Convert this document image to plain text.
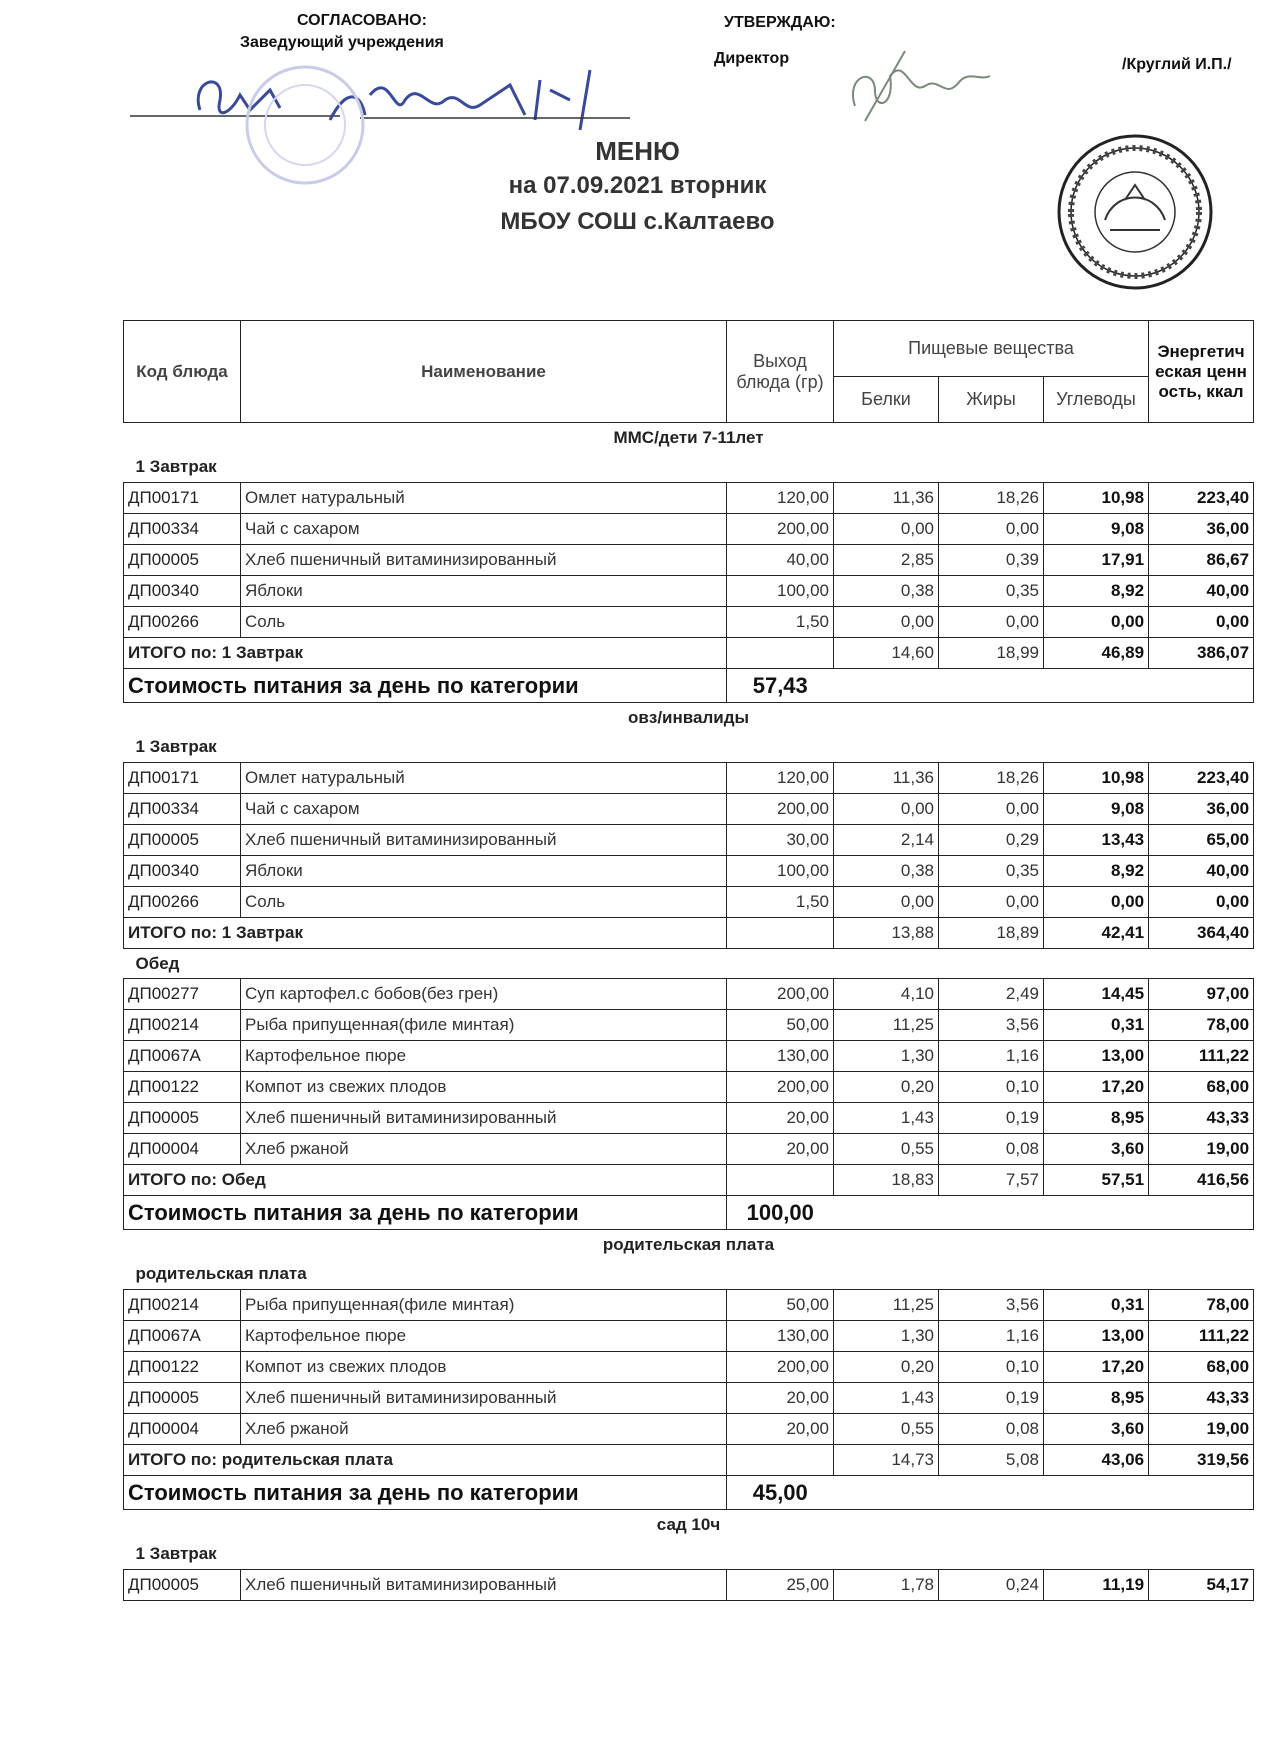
СОГЛАСОВАНО:
Заведующий учреждения
УТВЕРЖДАЮ:
Директор	/Круглий И.П./
МЕНЮ
на 07.09.2021 вторник
МБОУ СОШ с.Калтаево
Код блюда	Наименование	Выход блюда (гр)	Пищевые вещества			Энергетическая ценность, ккал
			Белки	Жиры	Углеводы	
ММС/дети 7-11лет						
1 Завтрак						
ДП00171	Омлет натуральный	120,00	11,36	18,26	10,98	223,40
ДП00334	Чай с сахаром	200,00	0,00	0,00	9,08	36,00
ДП00005	Хлеб пшеничный витаминизированный	40,00	2,85	0,39	17,91	86,67
ДП00340	Яблоки	100,00	0,38	0,35	8,92	40,00
ДП00266	Соль	1,50	0,00	0,00	0,00	0,00
ИТОГО по: 1 Завтрак			14,60	18,99	46,89	386,07
Стоимость питания за день по категории		57,43				
овз/инвалиды						
1 Завтрак						
ДП00171	Омлет натуральный	120,00	11,36	18,26	10,98	223,40
ДП00334	Чай с сахаром	200,00	0,00	0,00	9,08	36,00
ДП00005	Хлеб пшеничный витаминизированный	30,00	2,14	0,29	13,43	65,00
ДП00340	Яблоки	100,00	0,38	0,35	8,92	40,00
ДП00266	Соль	1,50	0,00	0,00	0,00	0,00
ИТОГО по: 1 Завтрак			13,88	18,89	42,41	364,40
Обед						
ДП00277	Суп картофел.с бобов(без грен)	200,00	4,10	2,49	14,45	97,00
ДП00214	Рыба припущенная(филе минтая)	50,00	11,25	3,56	0,31	78,00
ДП0067А	Картофельное пюре	130,00	1,30	1,16	13,00	111,22
ДП00122	Компот из свежих плодов	200,00	0,20	0,10	17,20	68,00
ДП00005	Хлеб пшеничный витаминизированный	20,00	1,43	0,19	8,95	43,33
ДП00004	Хлеб ржаной	20,00	0,55	0,08	3,60	19,00
ИТОГО по: Обед			18,83	7,57	57,51	416,56
Стоимость питания за день по категории		100,00				
родительская плата						
родительская плата						
ДП00214	Рыба припущенная(филе минтая)	50,00	11,25	3,56	0,31	78,00
ДП0067А	Картофельное пюре	130,00	1,30	1,16	13,00	111,22
ДП00122	Компот из свежих плодов	200,00	0,20	0,10	17,20	68,00
ДП00005	Хлеб пшеничный витаминизированный	20,00	1,43	0,19	8,95	43,33
ДП00004	Хлеб ржаной	20,00	0,55	0,08	3,60	19,00
ИТОГО по: родительская плата			14,73	5,08	43,06	319,56
Стоимость питания за день по категории		45,00				
сад 10ч						
1 Завтрак						
ДП00005	Хлеб пшеничный витаминизированный	25,00	1,78	0,24	11,19	54,17
